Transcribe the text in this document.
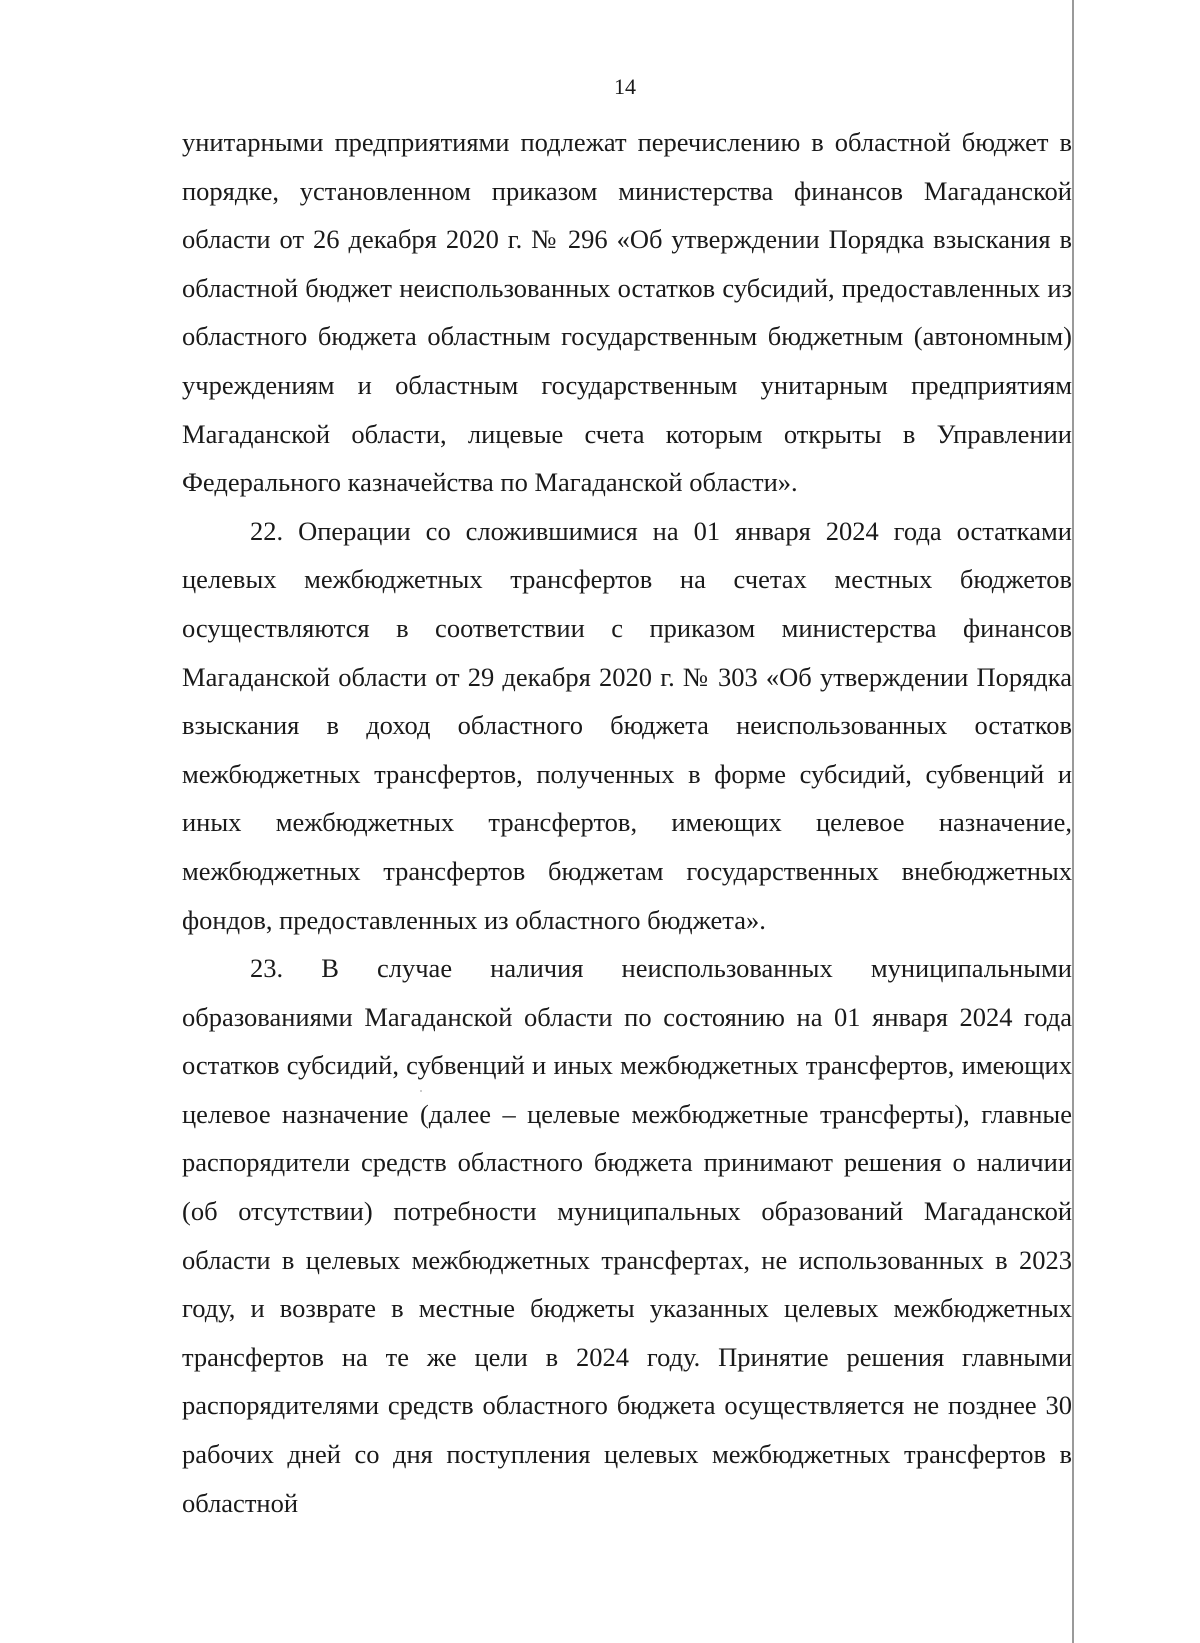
14

унитарными предприятиями подлежат перечислению в областной бюджет в порядке, установленном приказом министерства финансов Магаданской области от 26 декабря 2020 г. № 296 «Об утверждении Порядка взыскания в областной бюджет неиспользованных остатков субсидий, предоставленных из областного бюджета областным государственным бюджетным (автономным) учреждениям и областным государственным унитарным предприятиям Магаданской области, лицевые счета которым открыты в Управлении Федерального казначейства по Магаданской области».

22. Операции со сложившимися на 01 января 2024 года остатками целевых межбюджетных трансфертов на счетах местных бюджетов осуществляются в соответствии с приказом министерства финансов Магаданской области от 29 декабря 2020 г. № 303 «Об утверждении Порядка взыскания в доход областного бюджета неиспользованных остатков межбюджетных трансфертов, полученных в форме субсидий, субвенций и иных межбюджетных трансфертов, имеющих целевое назначение, межбюджетных трансфертов бюджетам государственных внебюджетных фондов, предоставленных из областного бюджета».

23. В случае наличия неиспользованных муниципальными образованиями Магаданской области по состоянию на 01 января 2024 года остатков субсидий, субвенций и иных межбюджетных трансфертов, имеющих целевое назначение (далее – целевые межбюджетные трансферты), главные распорядители средств областного бюджета принимают решения о наличии (об отсутствии) потребности муниципальных образований Магаданской области в целевых межбюджетных трансфертах, не использованных в 2023 году, и возврате в местные бюджеты указанных целевых межбюджетных трансфертов на те же цели в 2024 году. Принятие решения главными распорядителями средств областного бюджета осуществляется не позднее 30 рабочих дней со дня поступления целевых межбюджетных трансфертов в областной
